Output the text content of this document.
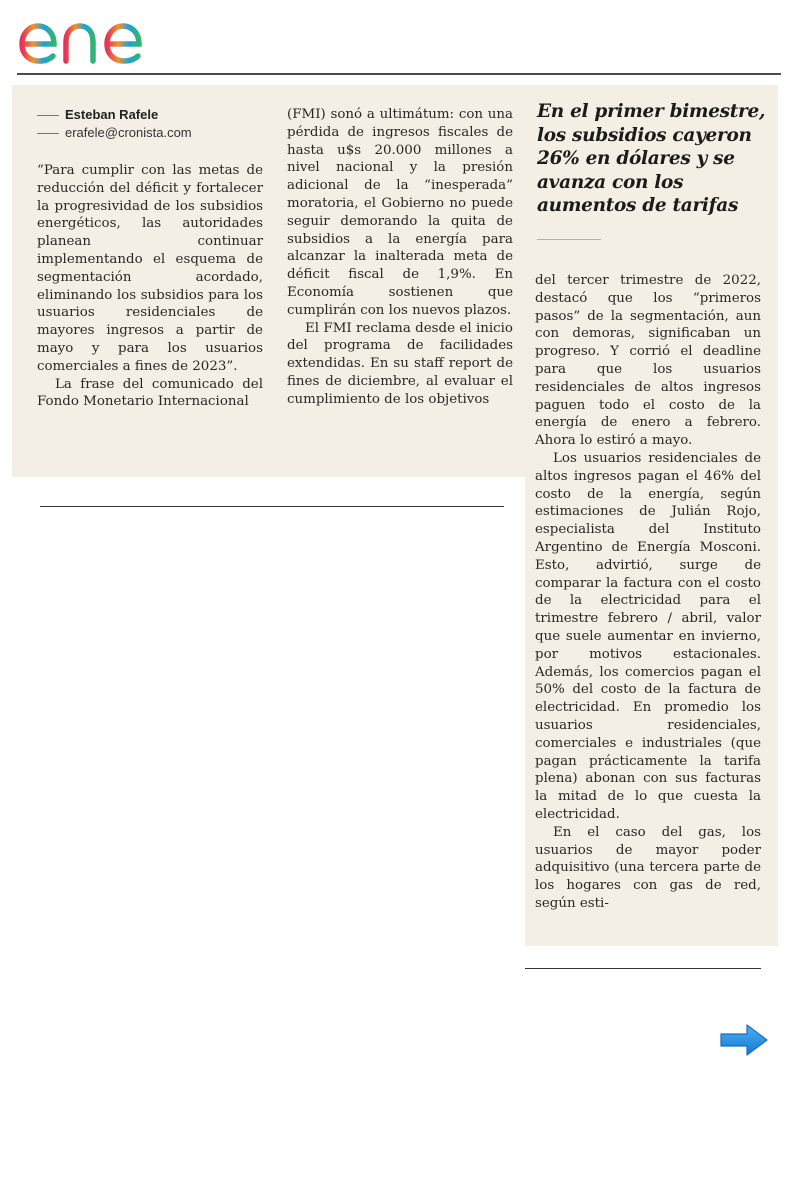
Esteban Rafele
erafele@cronista.com

“Para cumplir con las metas de reducción del déficit y fortalecer la progresividad de los subsidios energéticos, las autoridades planean continuar implementando el esquema de segmentación acordado, eliminando los subsidios para los usuarios residenciales de mayores ingresos a partir de mayo y para los usuarios comerciales a fines de 2023”.

La frase del comunicado del Fondo Monetario Internacional

(FMI) sonó a ultimátum: con una pérdida de ingresos fiscales de hasta u$s 20.000 millones a nivel nacional y la presión adicional de la “inesperada” moratoria, el Gobierno no puede seguir demorando la quita de subsidios a la energía para alcanzar la inalterada meta de déficit fiscal de 1,9%. En Economía sostienen que cumplirán con los nuevos plazos.

El FMI reclama desde el inicio del programa de facilidades extendidas. En su staff report de fines de diciembre, al evaluar el cumplimiento de los objetivos

En el primer bimestre, los subsidios cayeron 26% en dólares y se avanza con los aumentos de tarifas

del tercer trimestre de 2022, destacó que los “primeros pasos” de la segmentación, aun con demoras, significaban un progreso. Y corrió el deadline para que los usuarios residenciales de altos ingresos paguen todo el costo de la energía de enero a febrero. Ahora lo estiró a mayo.

Los usuarios residenciales de altos ingresos pagan el 46% del costo de la energía, según estimaciones de Julián Rojo, especialista del Instituto Argentino de Energía Mosconi. Esto, advirtió, surge de comparar la factura con el costo de la electricidad para el trimestre febrero / abril, valor que suele aumentar en invierno, por motivos estacionales. Además, los comercios pagan el 50% del costo de la factura de electricidad. En promedio los usuarios residenciales, comerciales e industriales (que pagan prácticamente la tarifa plena) abonan con sus facturas la mitad de lo que cuesta la electricidad.

En el caso del gas, los usuarios de mayor poder adquisitivo (una tercera parte de los hogares con gas de red, según esti-
